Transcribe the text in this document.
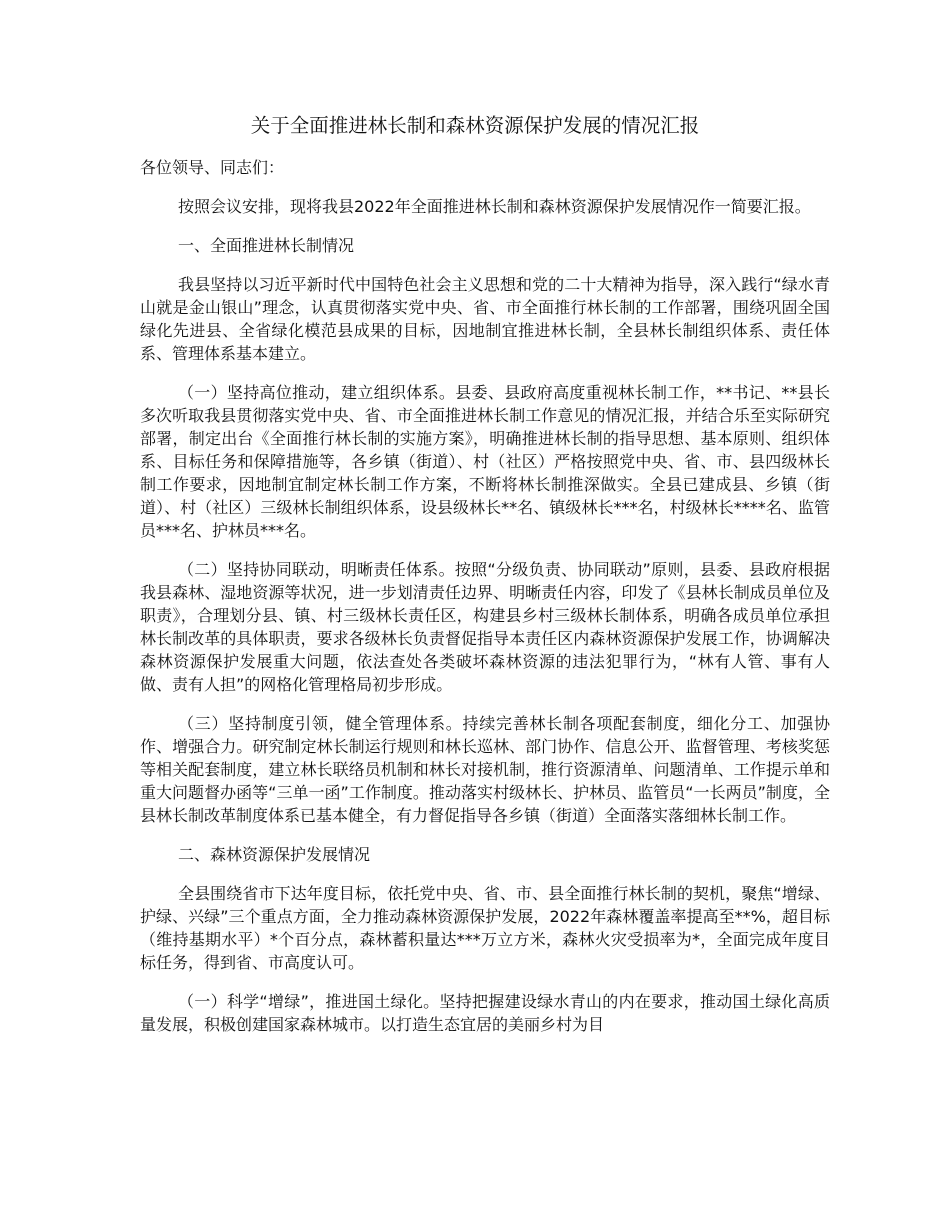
关于全面推进林长制和森林资源保护发展的情况汇报

各位领导、同志们：

按照会议安排，现将我县2022年全面推进林长制和森林资源保护发展情况作一简要汇报。

一、全面推进林长制情况

我县坚持以习近平新时代中国特色社会主义思想和党的二十大精神为指导，深入践行“绿水青山就是金山银山”理念，认真贯彻落实党中央、省、市全面推行林长制的工作部署，围绕巩固全国绿化先进县、全省绿化模范县成果的目标，因地制宜推进林长制，全县林长制组织体系、责任体系、管理体系基本建立。

（一）坚持高位推动，建立组织体系。县委、县政府高度重视林长制工作，**书记、**县长多次听取我县贯彻落实党中央、省、市全面推进林长制工作意见的情况汇报，并结合乐至实际研究部署，制定出台《全面推行林长制的实施方案》，明确推进林长制的指导思想、基本原则、组织体系、目标任务和保障措施等，各乡镇（街道）、村（社区）严格按照党中央、省、市、县四级林长制工作要求，因地制宜制定林长制工作方案，不断将林长制推深做实。全县已建成县、乡镇（街道）、村（社区）三级林长制组织体系，设县级林长**名、镇级林长***名，村级林长****名、监管员***名、护林员***名。

（二）坚持协同联动，明晰责任体系。按照“分级负责、协同联动”原则，县委、县政府根据我县森林、湿地资源等状况，进一步划清责任边界、明晰责任内容，印发了《县林长制成员单位及职责》，合理划分县、镇、村三级林长责任区，构建县乡村三级林长制体系，明确各成员单位承担林长制改革的具体职责，要求各级林长负责督促指导本责任区内森林资源保护发展工作，协调解决森林资源保护发展重大问题，依法查处各类破坏森林资源的违法犯罪行为，“林有人管、事有人做、责有人担”的网格化管理格局初步形成。

（三）坚持制度引领，健全管理体系。持续完善林长制各项配套制度，细化分工、加强协作、增强合力。研究制定林长制运行规则和林长巡林、部门协作、信息公开、监督管理、考核奖惩等相关配套制度，建立林长联络员机制和林长对接机制，推行资源清单、问题清单、工作提示单和重大问题督办函等“三单一函”工作制度。推动落实村级林长、护林员、监管员“一长两员”制度，全县林长制改革制度体系已基本健全，有力督促指导各乡镇（街道）全面落实落细林长制工作。

二、森林资源保护发展情况

全县围绕省市下达年度目标，依托党中央、省、市、县全面推行林长制的契机，聚焦“增绿、护绿、兴绿”三个重点方面，全力推动森林资源保护发展，2022年森林覆盖率提高至**%，超目标（维持基期水平）*个百分点，森林蓄积量达***万立方米，森林火灾受损率为*，全面完成年度目标任务，得到省、市高度认可。

（一）科学“增绿”，推进国土绿化。坚持把握建设绿水青山的内在要求，推动国土绿化高质量发展，积极创建国家森林城市。以打造生态宜居的美丽乡村为目
